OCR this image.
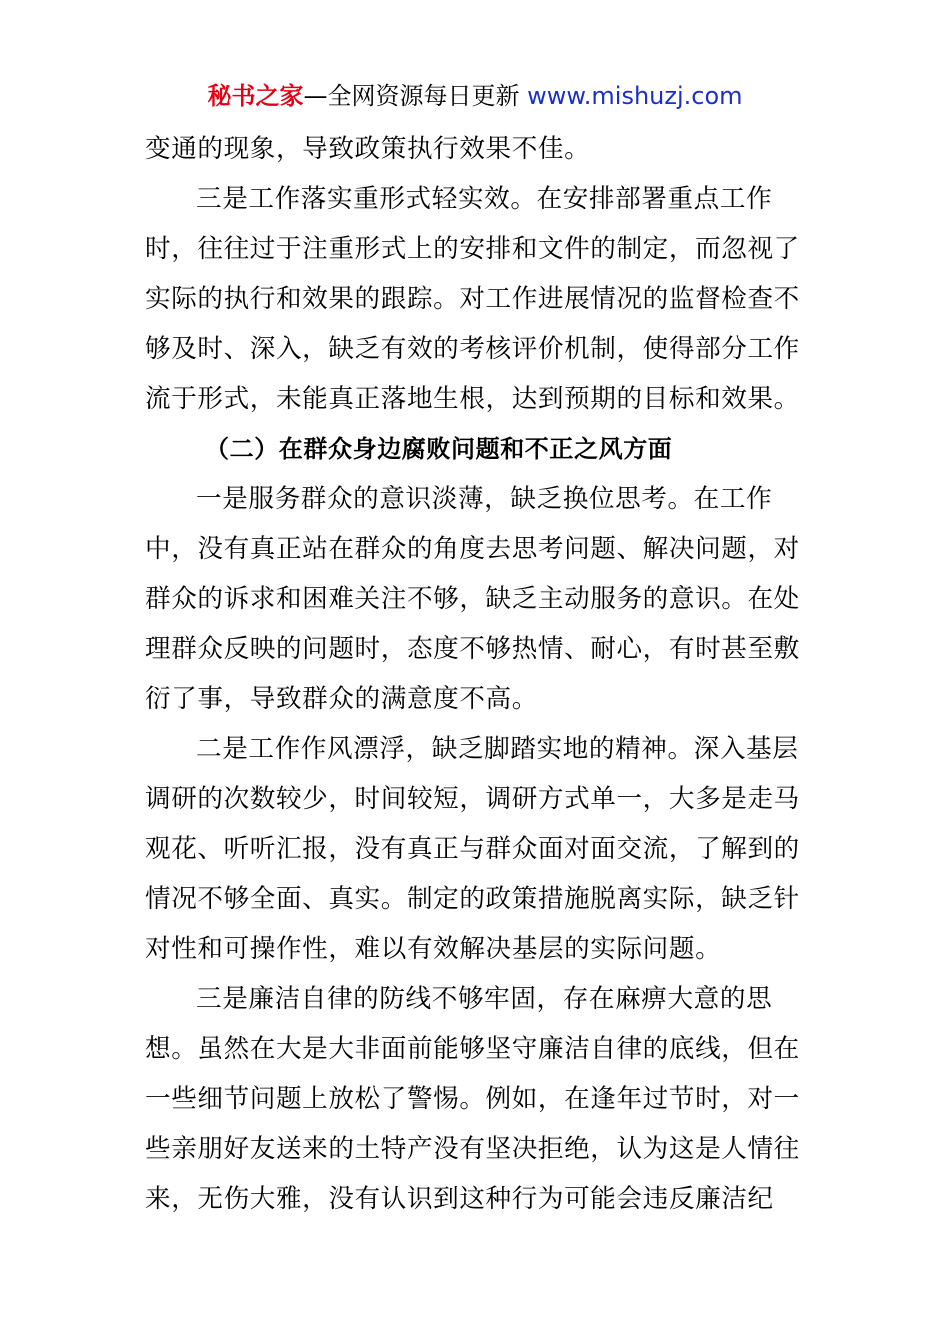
秘书之家—全网资源每日更新 www.mishuzj.com
变通的现象，导致政策执行效果不佳。
三是工作落实重形式轻实效。在安排部署重点工作
时，往往过于注重形式上的安排和文件的制定，而忽视了
实际的执行和效果的跟踪。对工作进展情况的监督检查不
够及时、深入，缺乏有效的考核评价机制，使得部分工作
流于形式，未能真正落地生根，达到预期的目标和效果。
（二）在群众身边腐败问题和不正之风方面
一是服务群众的意识淡薄，缺乏换位思考。在工作
中，没有真正站在群众的角度去思考问题、解决问题，对
群众的诉求和困难关注不够，缺乏主动服务的意识。在处
理群众反映的问题时，态度不够热情、耐心，有时甚至敷
衍了事，导致群众的满意度不高。
二是工作作风漂浮，缺乏脚踏实地的精神。深入基层
调研的次数较少，时间较短，调研方式单一，大多是走马
观花、听听汇报，没有真正与群众面对面交流，了解到的
情况不够全面、真实。制定的政策措施脱离实际，缺乏针
对性和可操作性，难以有效解决基层的实际问题。
三是廉洁自律的防线不够牢固，存在麻痹大意的思
想。虽然在大是大非面前能够坚守廉洁自律的底线，但在
一些细节问题上放松了警惕。例如，在逢年过节时，对一
些亲朋好友送来的土特产没有坚决拒绝，认为这是人情往
来，无伤大雅，没有认识到这种行为可能会违反廉洁纪
